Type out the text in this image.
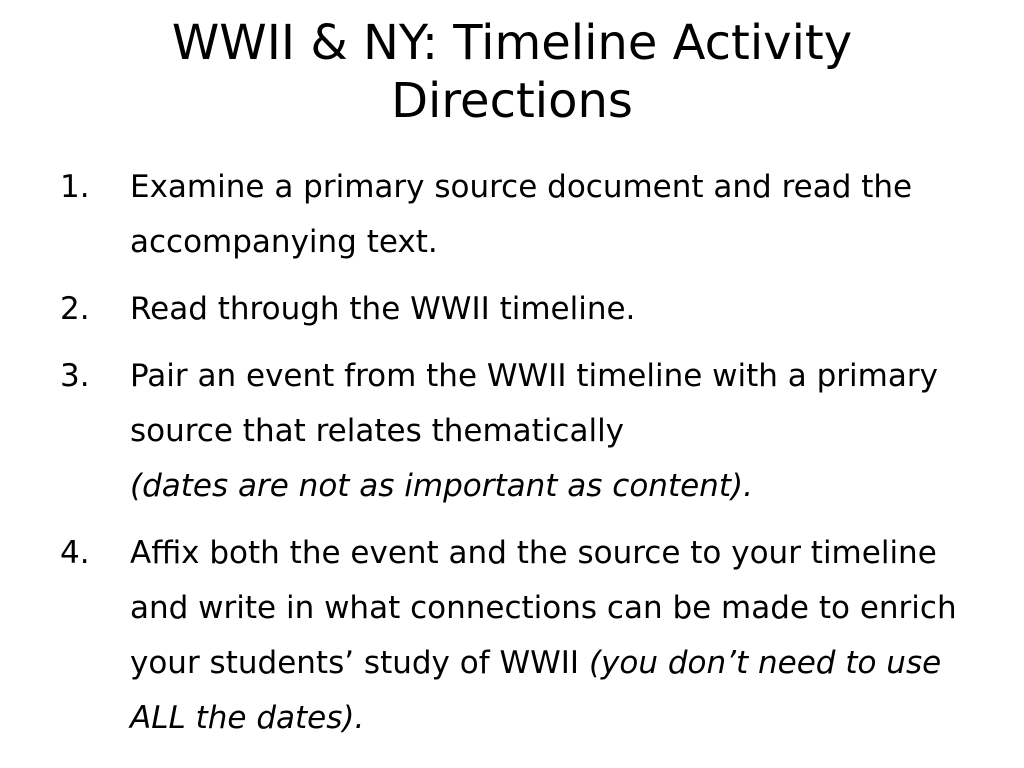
WWII & NY: Timeline Activity Directions
1.	Examine a primary source document and read the accompanying text.
2.	Read through the WWII timeline.
3.	Pair an event from the WWII timeline with a primary source that relates thematically
(dates are not as important as content).
4.	Affix both the event and the source to your timeline and write in what connections can be made to enrich your students’ study of WWII (you don’t need to use ALL the dates).
